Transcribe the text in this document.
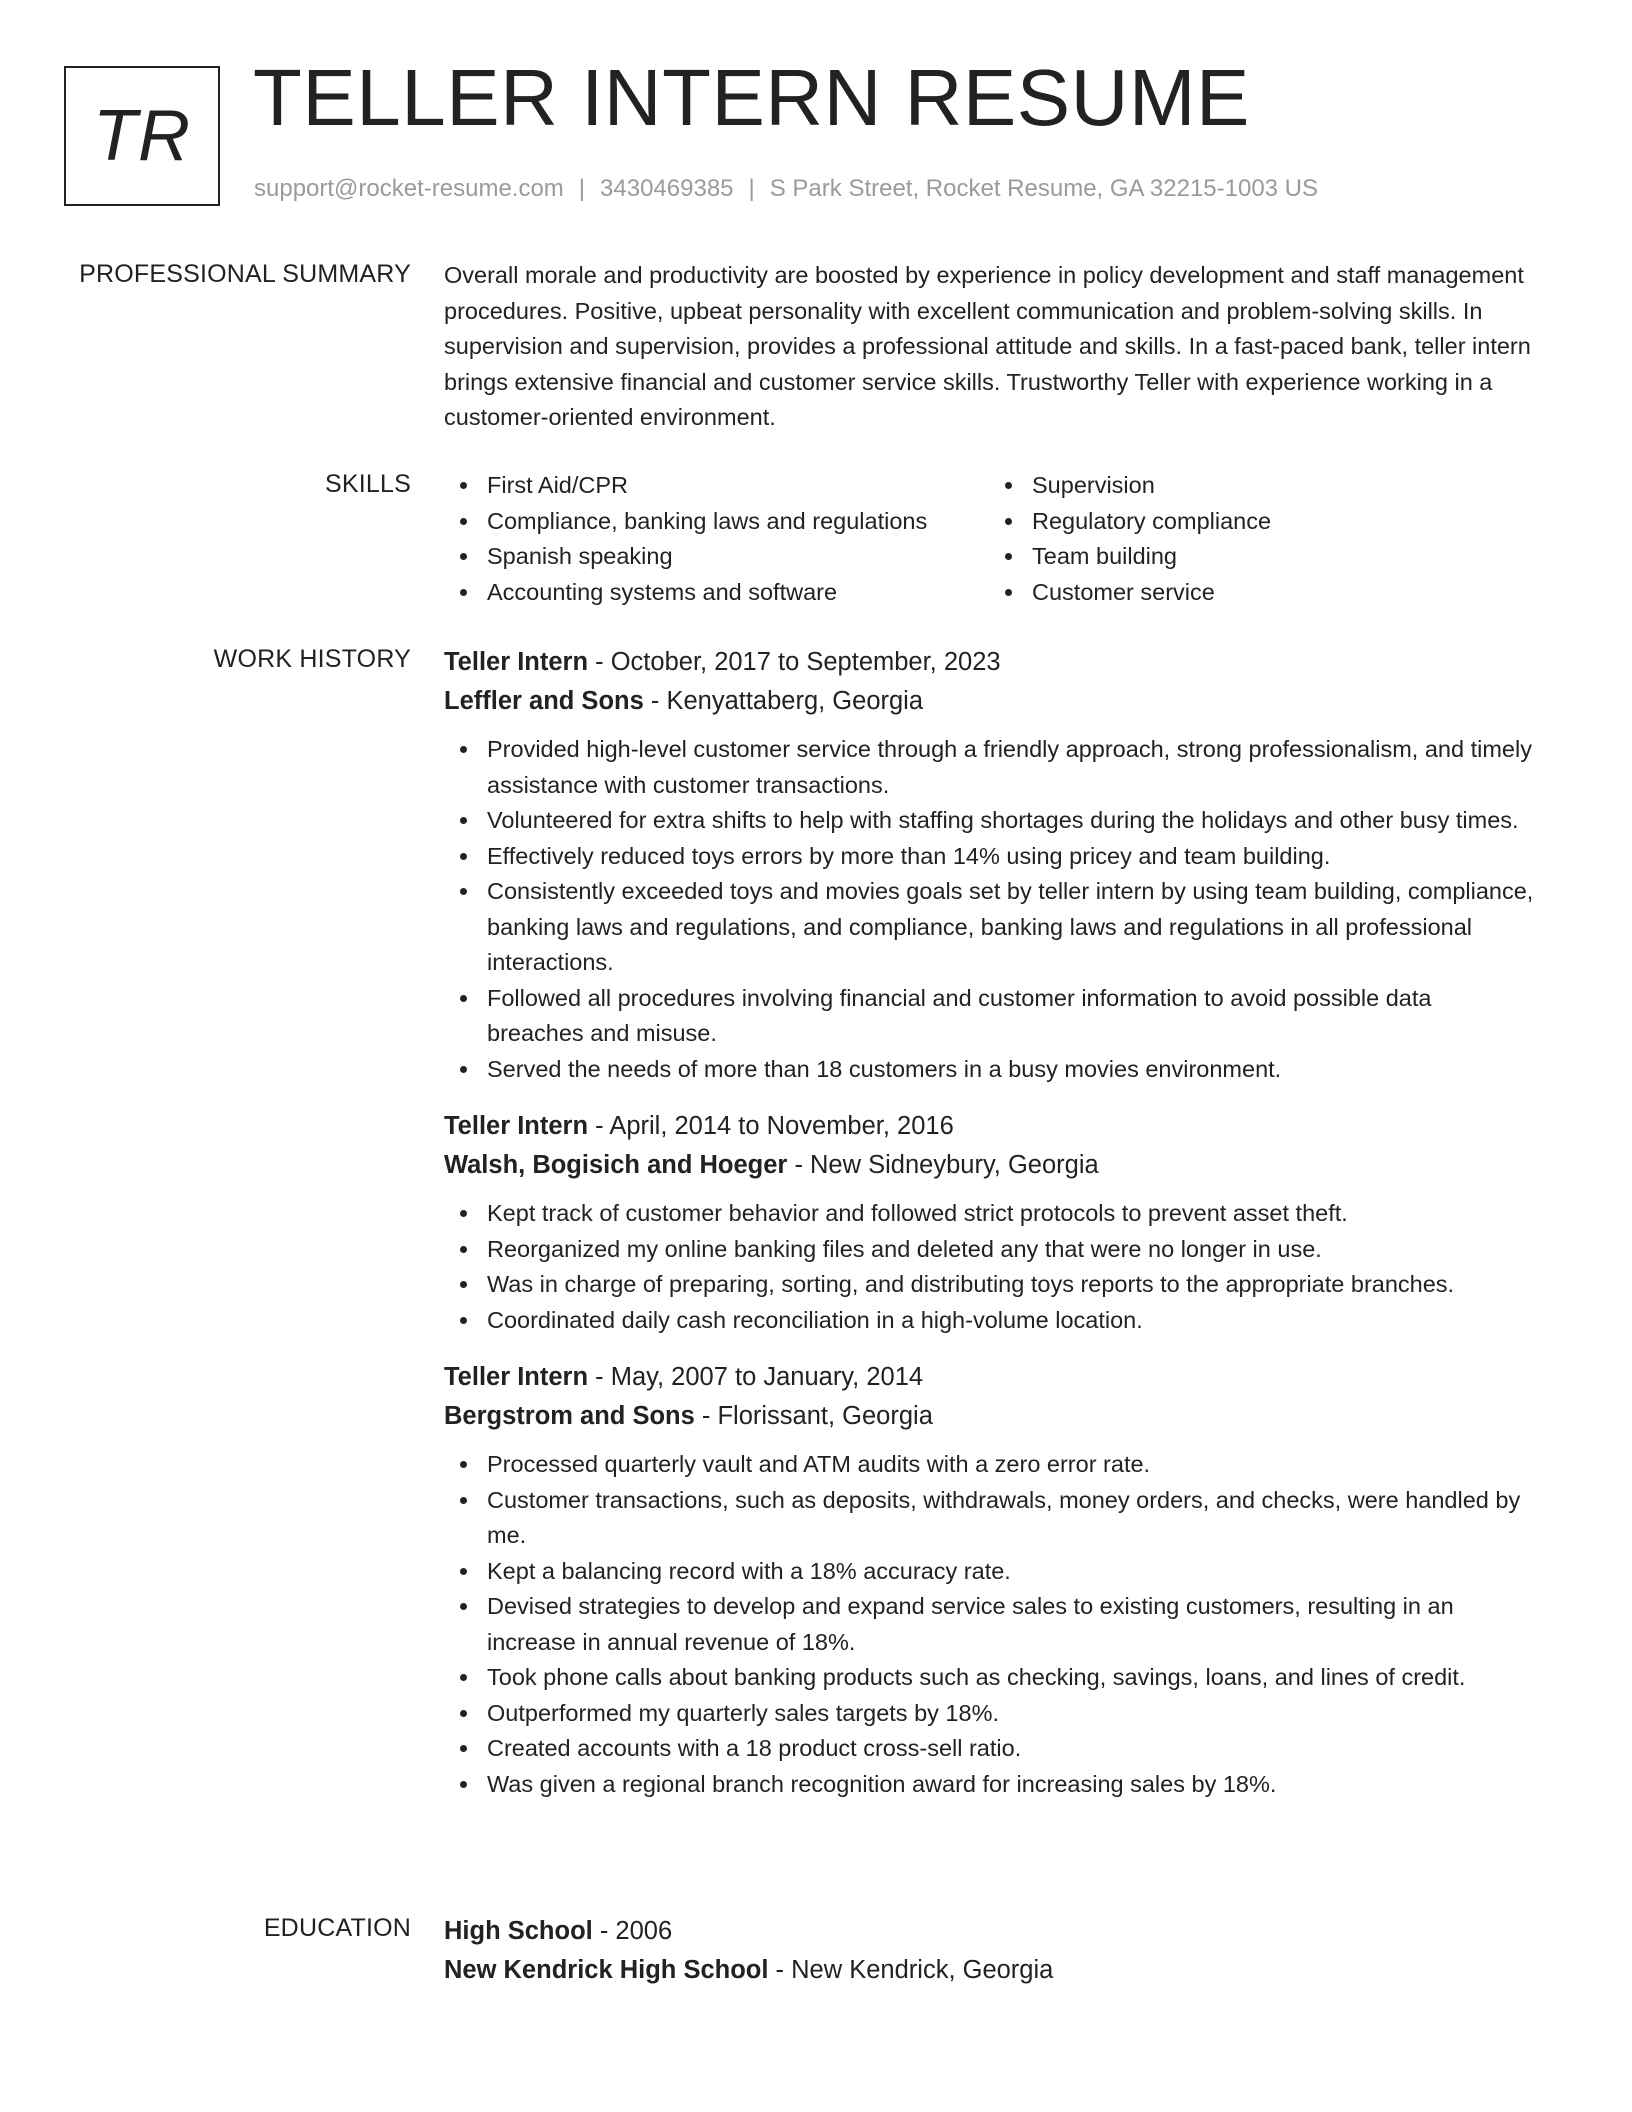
TR TELLER INTERN RESUME
support@rocket-resume.com | 3430469385 | S Park Street, Rocket Resume, GA 32215-1003 US
PROFESSIONAL SUMMARY Overall morale and productivity are boosted by experience in policy development and staff management procedures. Positive, upbeat personality with excellent communication and problem-solving skills. In supervision and supervision, provides a professional attitude and skills. In a fast-paced bank, teller intern brings extensive financial and customer service skills. Trustworthy Teller with experience working in a customer-oriented environment.

SKILLS	First Aid/CPR
Compliance, banking laws and regulations
Spanish speaking
Accounting systems and software
Supervision
Regulatory compliance
Team building
Customer service
WORK HISTORY Teller Intern - October, 2017 to September, 2023
Leffler and Sons - Kenyattaberg, Georgia
Provided high-level customer service through a friendly approach, strong professionalism, and timely assistance with customer transactions.
Volunteered for extra shifts to help with staffing shortages during the holidays and other busy times.
Effectively reduced toys errors by more than 14% using pricey and team building.
Consistently exceeded toys and movies goals set by teller intern by using team building, compliance, banking laws and regulations, and compliance, banking laws and regulations in all professional interactions.
Followed all procedures involving financial and customer information to avoid possible data breaches and misuse.
Served the needs of more than 18 customers in a busy movies environment.
Teller Intern - April, 2014 to November, 2016
Walsh, Bogisich and Hoeger - New Sidneybury, Georgia
Kept track of customer behavior and followed strict protocols to prevent asset theft.
Reorganized my online banking files and deleted any that were no longer in use.
Was in charge of preparing, sorting, and distributing toys reports to the appropriate branches.
Coordinated daily cash reconciliation in a high-volume location.
Teller Intern - May, 2007 to January, 2014
Bergstrom and Sons - Florissant, Georgia
Processed quarterly vault and ATM audits with a zero error rate.
Customer transactions, such as deposits, withdrawals, money orders, and checks, were handled by me.
Kept a balancing record with a 18% accuracy rate.
Devised strategies to develop and expand service sales to existing customers, resulting in an increase in annual revenue of 18%.
Took phone calls about banking products such as checking, savings, loans, and lines of credit.
Outperformed my quarterly sales targets by 18%.
Created accounts with a 18 product cross-sell ratio.
Was given a regional branch recognition award for increasing sales by 18%.
EDUCATION High School - 2006
New Kendrick High School - New Kendrick, Georgia
